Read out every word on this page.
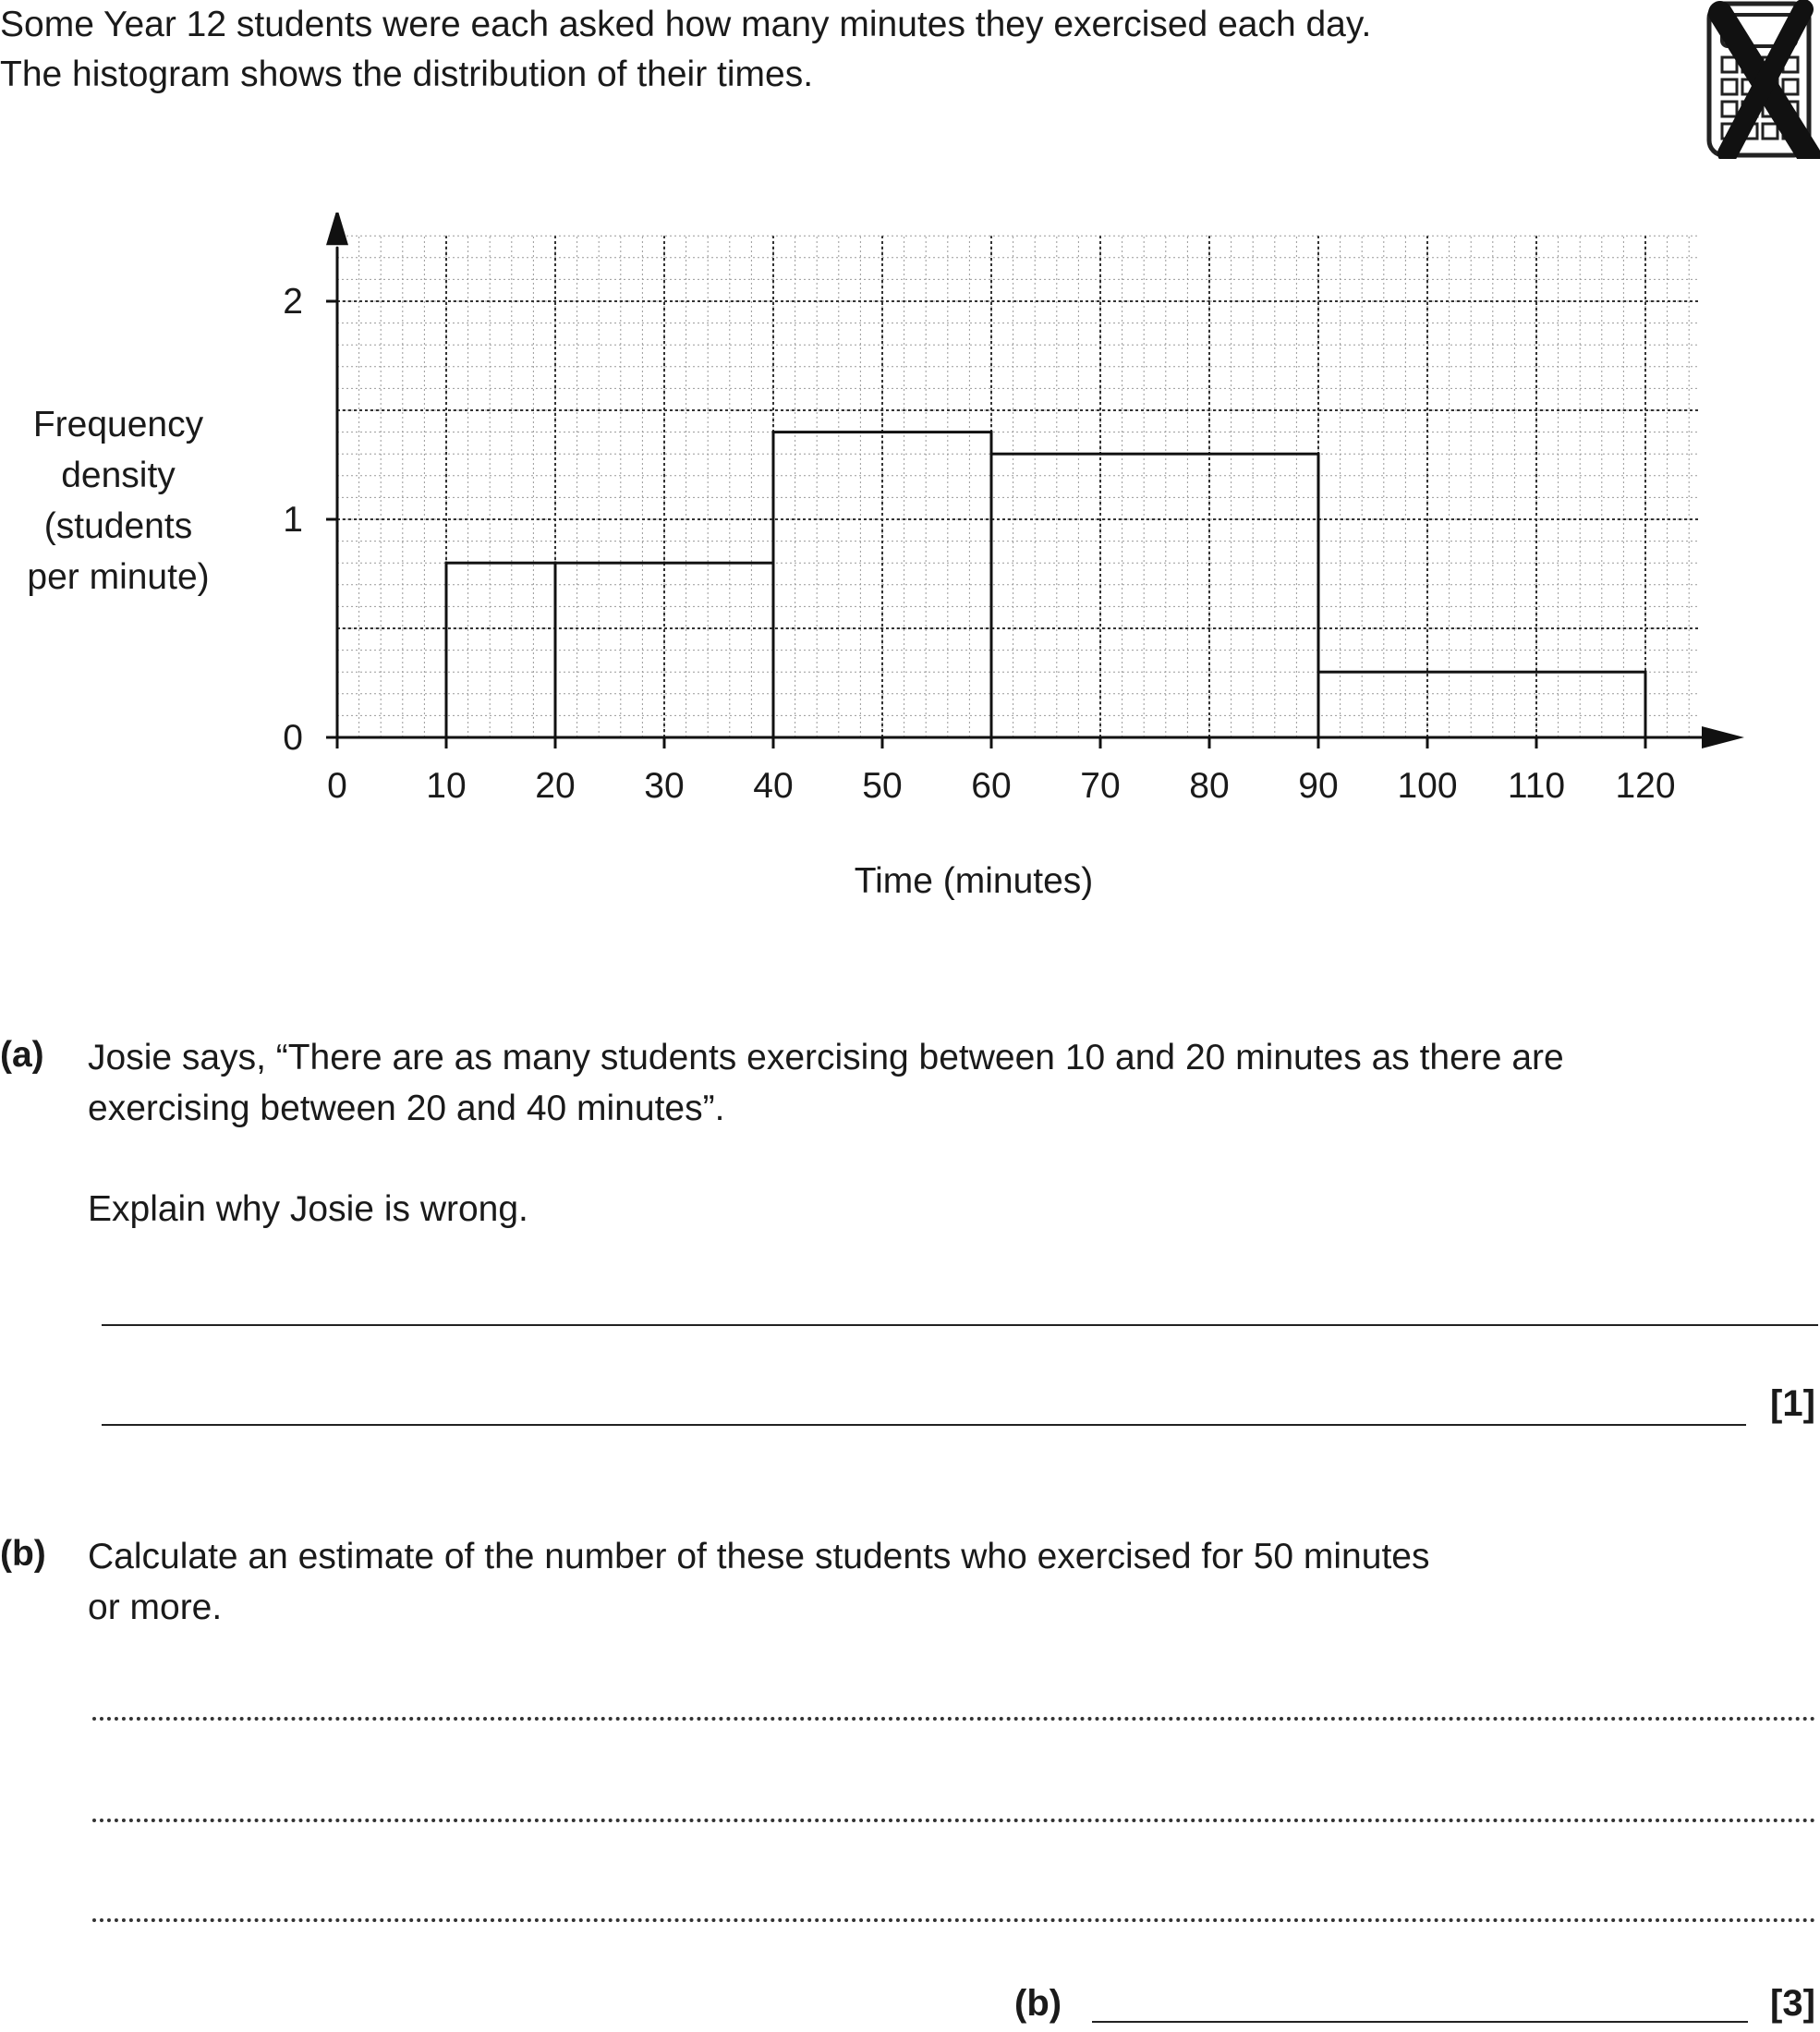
Some Year 12 students were each asked how many minutes they exercised each day.
The histogram shows the distribution of their times.
Frequency
density
(students
per minute)
0 10 20 30 40 50 60 70 80 90 100 110 120
0
1
2
Time (minutes)
(a) Josie says, “There are as many students exercising between 10 and 20 minutes as there are
exercising between 20 and 40 minutes”.
Explain why Josie is wrong.
[1]
(b) Calculate an estimate of the number of these students who exercised for 50 minutes
or more.
(b)	[3]
